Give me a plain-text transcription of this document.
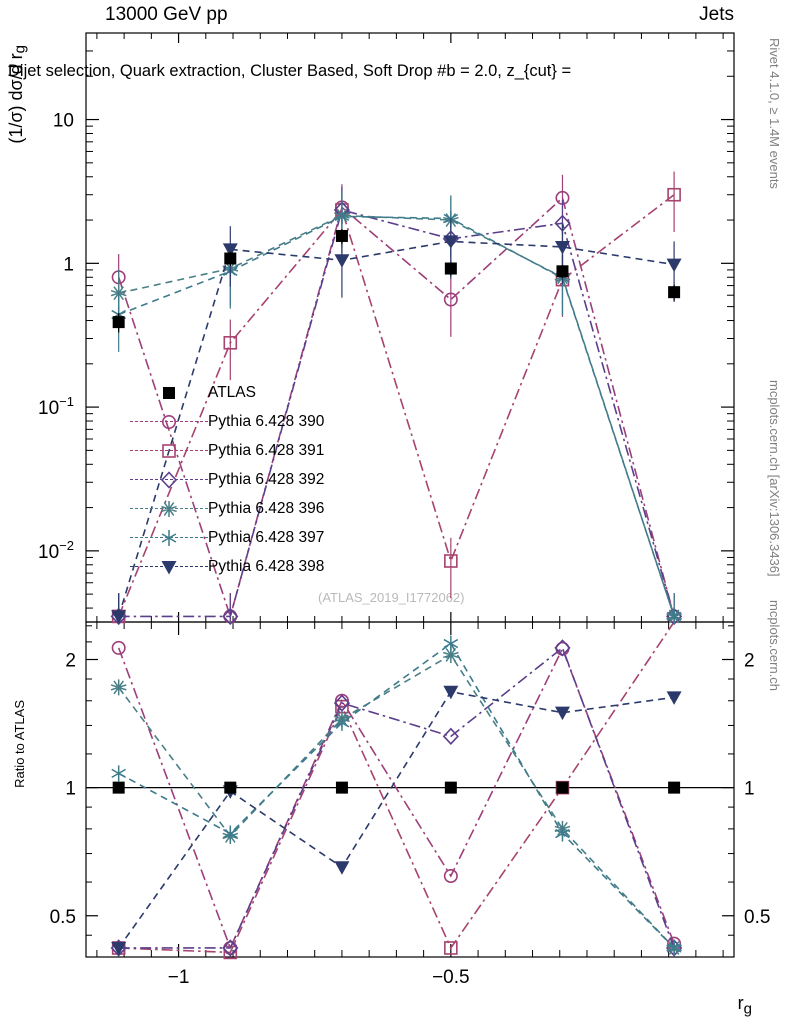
13000 GeV pp	Jets
Dijet selection, Quark extraction, Cluster Based, Soft Drop #b = 2.0, z_{cut} =	Rivet 4.1.0, ≥ 1.4M events
mcplots.cern.ch [arXiv:1306.3436]
mcplots.cern.ch
(1/σ) dσ/d $r_g$
Ratio to ATLAS
$r_g$
(ATLAS_2019_I1772062)
$10^{-2}$
$10^{-1}$
1
10
0.5	0.5
1	1
2	2
−1	−0.5
ATLAS
Pythia 6.428 390
Pythia 6.428 391
Pythia 6.428 392
Pythia 6.428 396
Pythia 6.428 397
Pythia 6.428 398
